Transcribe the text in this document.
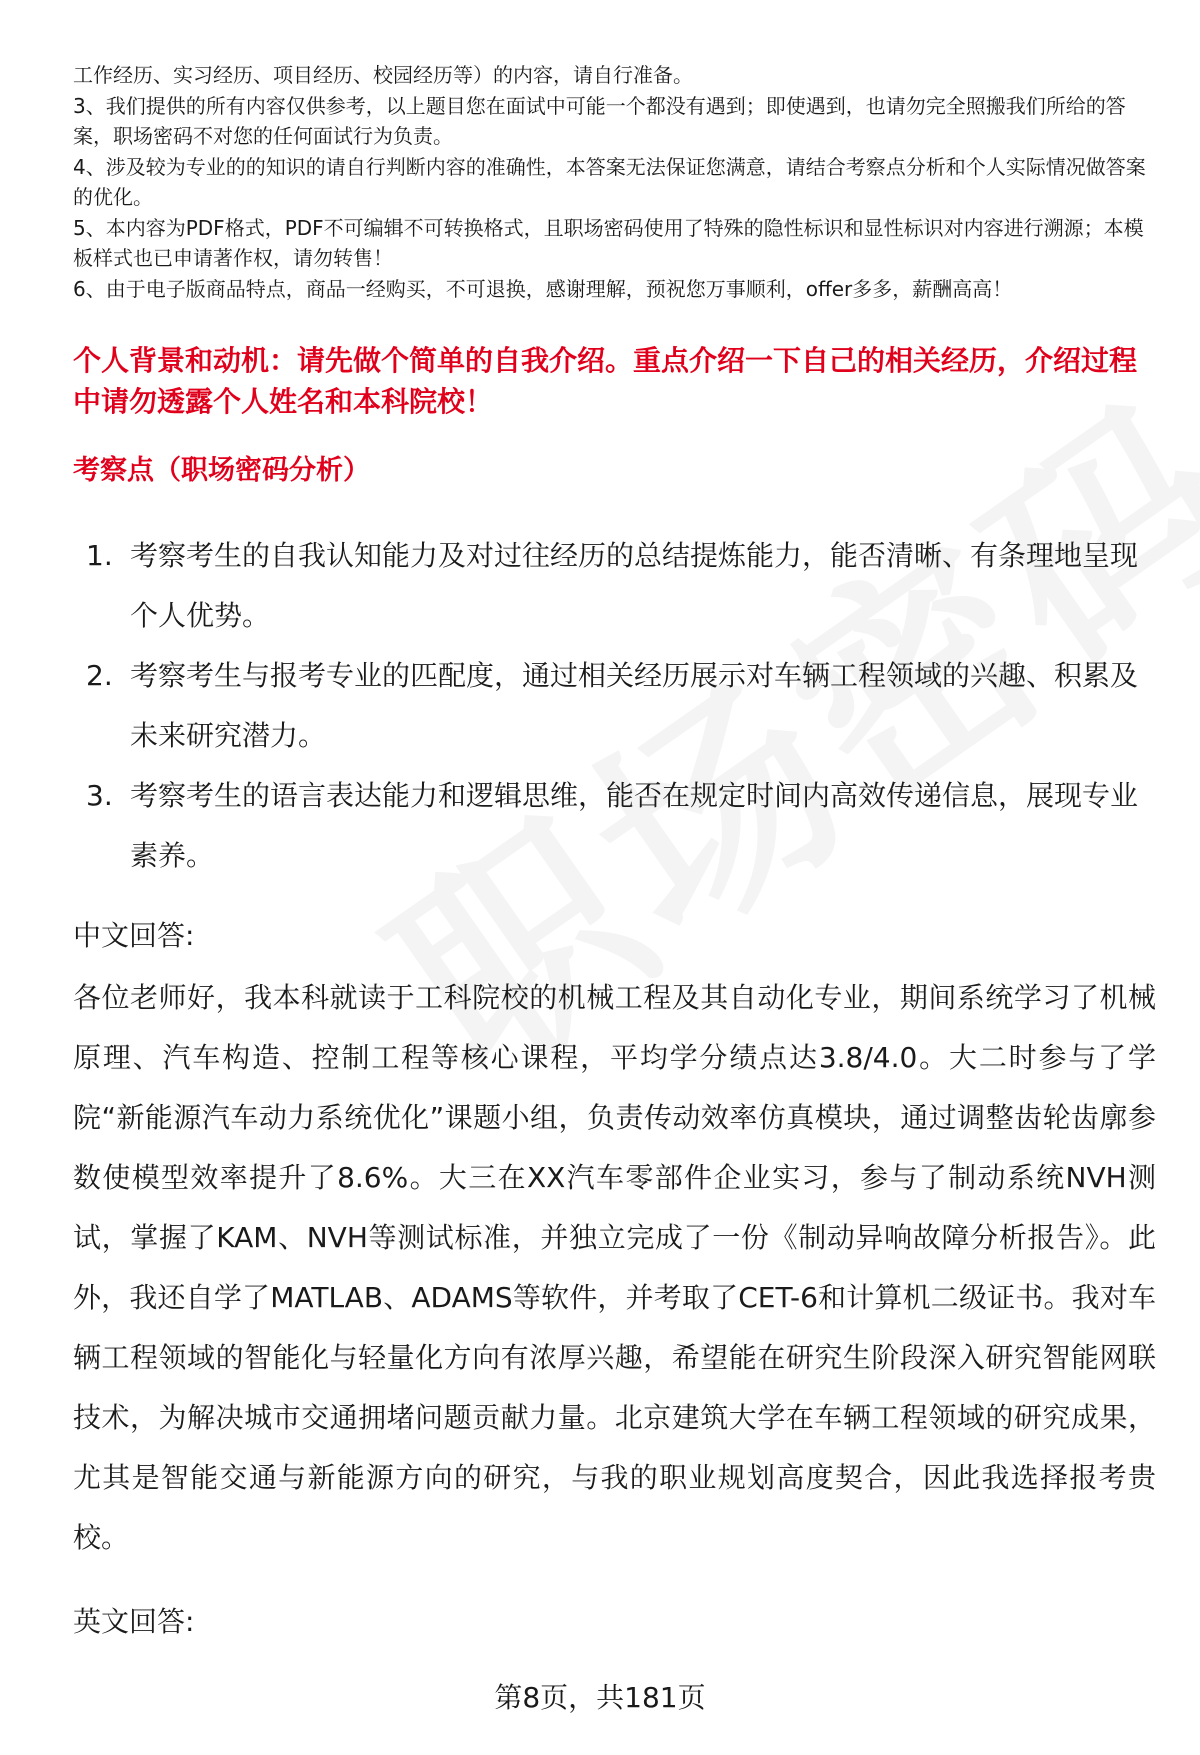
工作经历、实习经历、项目经历、校园经历等）的内容，请自行准备。

3、我们提供的所有内容仅供参考，以上题目您在面试中可能一个都没有遇到；即使遇到，也请勿完全照搬我们所给的答案，职场密码不对您的任何面试行为负责。

4、涉及较为专业的的知识的请自行判断内容的准确性，本答案无法保证您满意，请结合考察点分析和个人实际情况做答案的优化。

5、本内容为PDF格式，PDF不可编辑不可转换格式，且职场密码使用了特殊的隐性标识和显性标识对内容进行溯源；本模板样式也已申请著作权，请勿转售！

6、由于电子版商品特点，商品一经购买，不可退换，感谢理解，预祝您万事顺利，offer多多，薪酬高高！

个人背景和动机：请先做个简单的自我介绍。重点介绍一下自己的相关经历，介绍过程中请勿透露个人姓名和本科院校！

考察点（职场密码分析）

1. 考察考生的自我认知能力及对过往经历的总结提炼能力，能否清晰、有条理地呈现个人优势。
2. 考察考生与报考专业的匹配度，通过相关经历展示对车辆工程领域的兴趣、积累及未来研究潜力。
3. 考察考生的语言表达能力和逻辑思维，能否在规定时间内高效传递信息，展现专业素养。

中文回答:

各位老师好，我本科就读于工科院校的机械工程及其自动化专业，期间系统学习了机械原理、汽车构造、控制工程等核心课程，平均学分绩点达3.8/4.0。大二时参与了学院“新能源汽车动力系统优化”课题小组，负责传动效率仿真模块，通过调整齿轮齿廓参数使模型效率提升了8.6%。大三在XX汽车零部件企业实习，参与了制动系统NVH测试，掌握了KAM、NVH等测试标准，并独立完成了一份《制动异响故障分析报告》。此外，我还自学了MATLAB、ADAMS等软件，并考取了CET-6和计算机二级证书。我对车辆工程领域的智能化与轻量化方向有浓厚兴趣，希望能在研究生阶段深入研究智能网联技术，为解决城市交通拥堵问题贡献力量。北京建筑大学在车辆工程领域的研究成果，尤其是智能交通与新能源方向的研究，与我的职业规划高度契合，因此我选择报考贵校。

英文回答:

第8页，共181页
